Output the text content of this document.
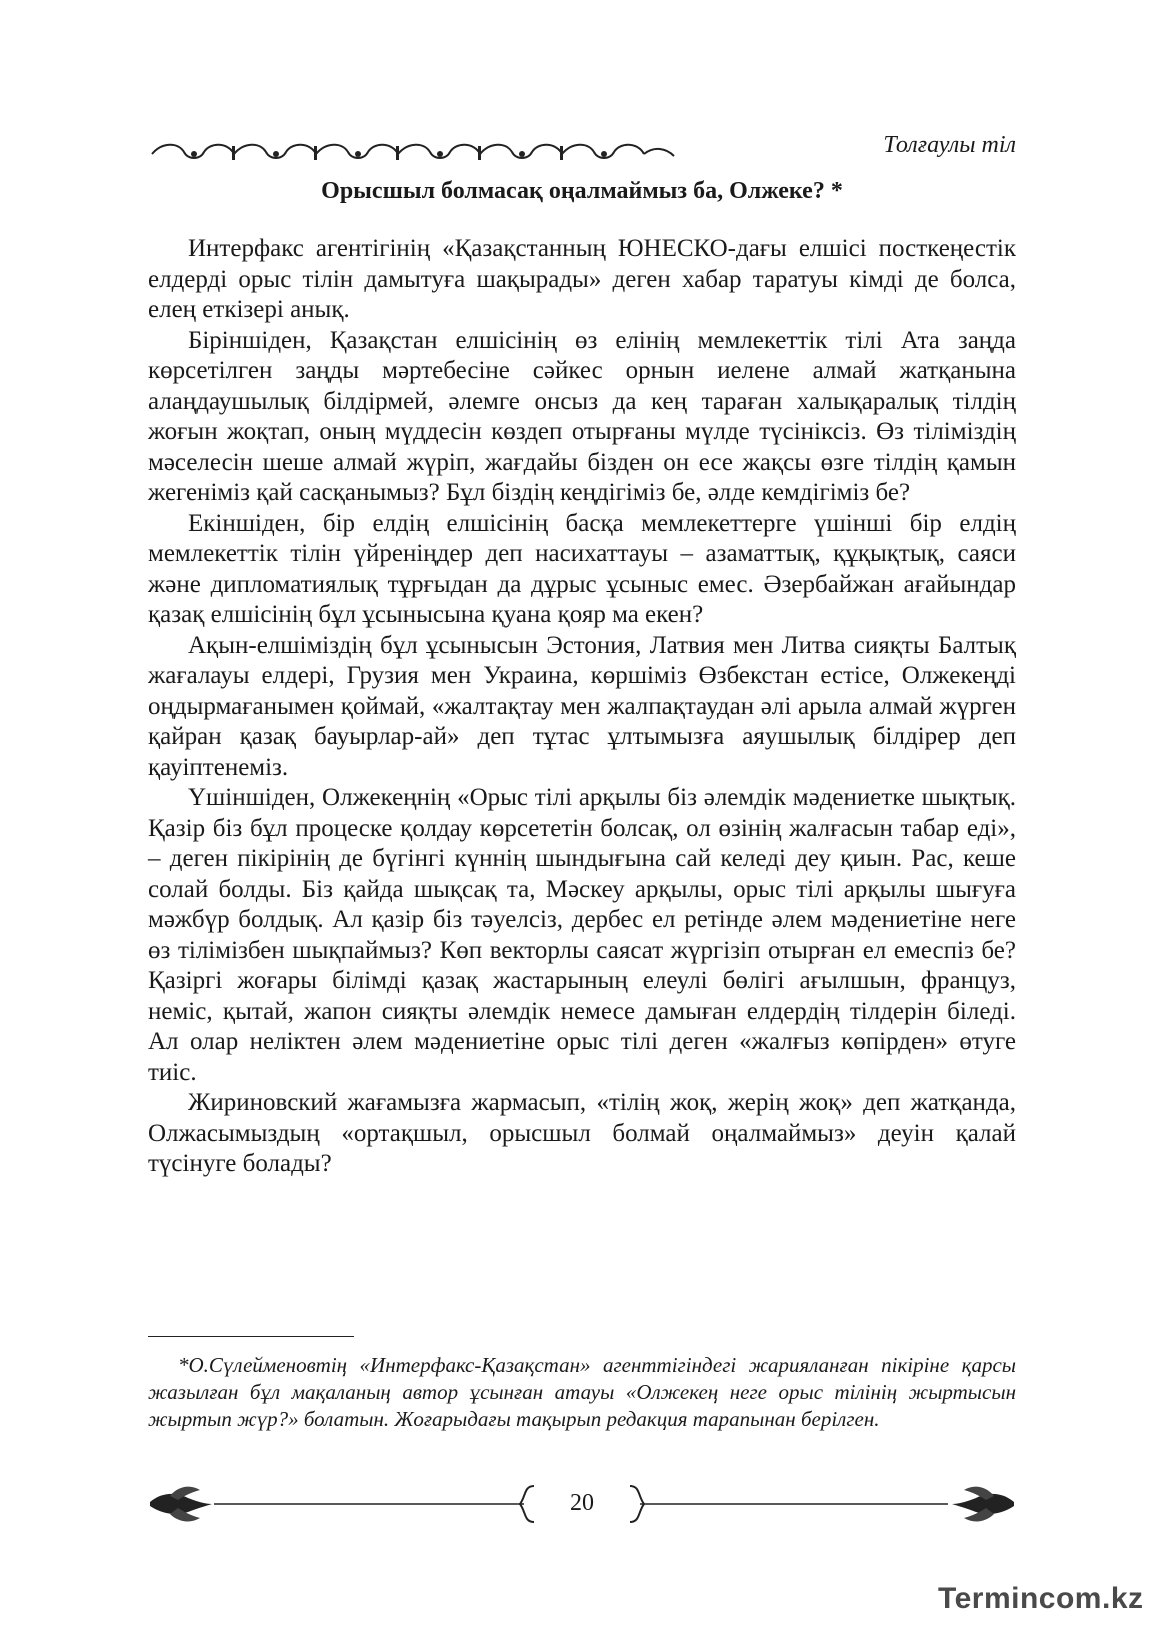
Толғаулы тіл
Орысшыл болмасақ оңалмаймыз ба, Олжеке? *

Интерфакс агентігінің «Қазақстанның ЮНЕСКО-дағы елшісі посткеңестік елдерді орыс тілін дамытуға шақырады» деген хабар таратуы кімді де болса, елең еткізері анық.

Біріншіден, Қазақстан елшісінің өз елінің мемлекеттік тілі Ата заңда көрсетілген заңды мәртебесіне сәйкес орнын иелене алмай жатқанына алаңдаушылық білдірмей, әлемге онсыз да кең тараған халықаралық тілдің жоғын жоқтап, оның мүддесін көздеп отырғаны мүлде түсініксіз. Өз тіліміздің мәселесін шеше алмай жүріп, жағдайы бізден он есе жақсы өзге тілдің қамын жегеніміз қай сасқанымыз? Бұл біздің кеңдігіміз бе, әлде кемдігіміз бе?

Екіншіден, бір елдің елшісінің басқа мемлекеттерге үшінші бір елдің мемлекеттік тілін үйреніңдер деп насихаттауы – азаматтық, құқықтық, саяси және дипломатиялық тұрғыдан да дұрыс ұсыныс емес. Әзербайжан ағайындар қазақ елшісінің бұл ұсынысына қуана қояр ма екен?

Ақын-елшіміздің бұл ұсынысын Эстония, Латвия мен Литва сияқты Балтық жағалауы елдері, Грузия мен Украина, көршіміз Өзбекстан естісе, Олжекеңді оңдырмағанымен қоймай, «жалтақтау мен жалпақтаудан әлі арыла алмай жүрген қайран қазақ бауырлар-ай» деп тұтас ұлтымызға аяушылық білдірер деп қауіптенеміз.

Үшіншіден, Олжекеңнің «Орыс тілі арқылы біз әлемдік мәдениетке шықтық. Қазір біз бұл процеске қолдау көрсететін болсақ, ол өзінің жалғасын табар еді», – деген пікірінің де бүгінгі күннің шындығына сай келеді деу қиын. Рас, кеше солай болды. Біз қайда шықсақ та, Мәскеу арқылы, орыс тілі арқылы шығуға мәжбүр болдық. Ал қазір біз тәуелсіз, дербес ел ретінде әлем мәдениетіне неге өз тілімізбен шықпаймыз? Көп векторлы саясат жүргізіп отырған ел емеспіз бе? Қазіргі жоғары білімді қазақ жастарының елеулі бөлігі ағылшын, француз, неміс, қытай, жапон сияқты әлемдік немесе дамыған елдердің тілдерін біледі. Ал олар неліктен әлем мәдениетіне орыс тілі деген «жалғыз көпірден» өтуге тиіс.

Жириновский жағамызға жармасып, «тілің жоқ, жерің жоқ» деп жатқанда, Олжасымыздың «ортақшыл, орысшыл болмай оңалмаймыз» деуін қалай түсінуге болады?

*О.Сүлейменовтің «Интерфакс-Қазақстан» агенттігіндегі жарияланған пікіріне қарсы жазылған бұл мақаланың автор ұсынған атауы «Олжекең неге орыс тілінің жыртысын жыртып жүр?» болатын. Жоғарыдағы тақырып редакция тарапынан берілген.

20
Termincom.kz
